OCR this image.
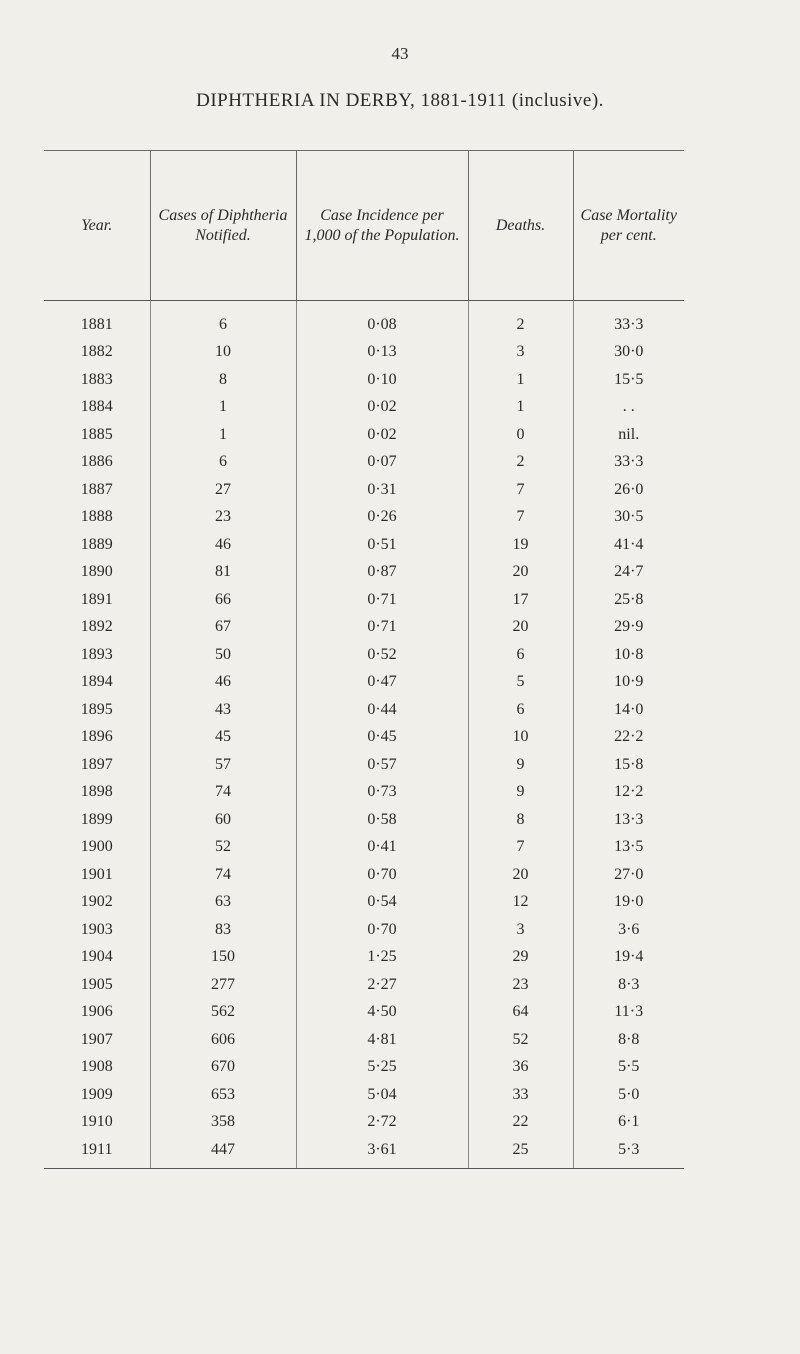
43
DIPHTHERIA IN DERBY, 1881-1911 (inclusive).
Year.	Cases of Diphtheria Notified.	Case Incidence per 1,000 of the Population.	Deaths.	Case Mortality per cent.
1881	6	0·08	2	33·3
1882	10	0·13	3	30·0
1883	8	0·10	1	15·5
1884	1	0·02	1	. .
1885	1	0·02	0	nil.
1886	6	0·07	2	33·3
1887	27	0·31	7	26·0
1888	23	0·26	7	30·5
1889	46	0·51	19	41·4
1890	81	0·87	20	24·7
1891	66	0·71	17	25·8
1892	67	0·71	20	29·9
1893	50	0·52	6	10·8
1894	46	0·47	5	10·9
1895	43	0·44	6	14·0
1896	45	0·45	10	22·2
1897	57	0·57	9	15·8
1898	74	0·73	9	12·2
1899	60	0·58	8	13·3
1900	52	0·41	7	13·5
1901	74	0·70	20	27·0
1902	63	0·54	12	19·0
1903	83	0·70	3	3·6
1904	150	1·25	29	19·4
1905	277	2·27	23	8·3
1906	562	4·50	64	11·3
1907	606	4·81	52	8·8
1908	670	5·25	36	5·5
1909	653	5·04	33	5·0
1910	358	2·72	22	6·1
1911	447	3·61	25	5·3
